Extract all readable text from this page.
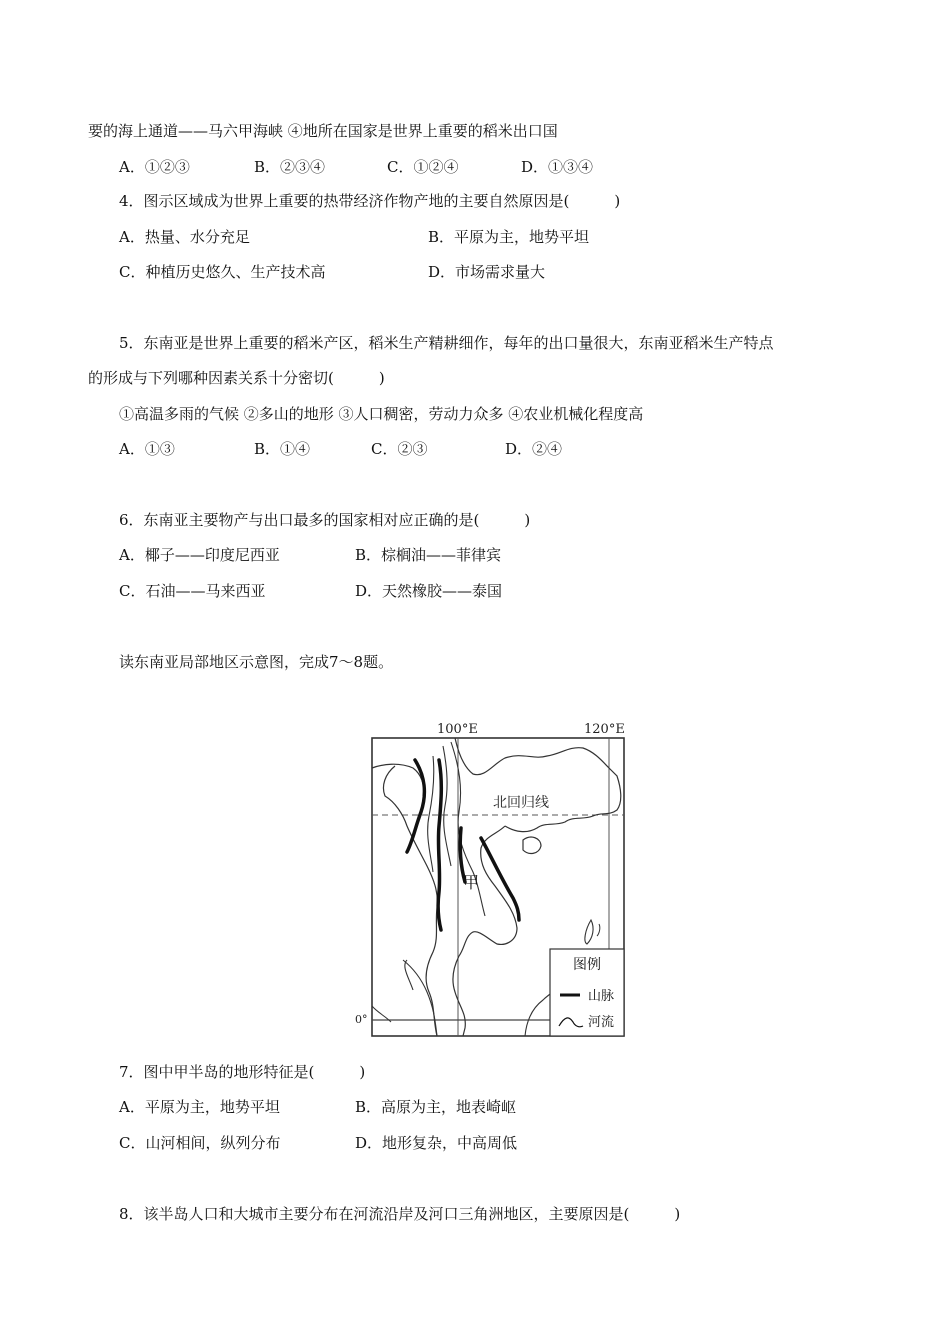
要的海上通道——马六甲海峡 ④地所在国家是世界上重要的稻米出口国
A．①②③	B．②③④	C．①②④	D．①③④
4．图示区域成为世界上重要的热带经济作物产地的主要自然原因是(　　　)
A．热量、水分充足	B．平原为主，地势平坦
C．种植历史悠久、生产技术高	D．市场需求量大
5．东南亚是世界上重要的稻米产区，稻米生产精耕细作，每年的出口量很大，东南亚稻米生产特点
的形成与下列哪种因素关系十分密切(　　　)
①高温多雨的气候 ②多山的地形 ③人口稠密，劳动力众多 ④农业机械化程度高
A．①③	B．①④	C．②③	D．②④
6．东南亚主要物产与出口最多的国家相对应正确的是(　　　)
A．椰子——印度尼西亚	B．棕榈油——菲律宾
C．石油——马来西亚	D．天然橡胶——泰国
读东南亚局部地区示意图，完成7～8题。
100°E	120°E
0°
北回归线
甲
图例
山脉
河流
7．图中甲半岛的地形特征是(　　　)
A．平原为主，地势平坦	B．高原为主，地表崎岖
C．山河相间，纵列分布	D．地形复杂，中高周低
8．该半岛人口和大城市主要分布在河流沿岸及河口三角洲地区，主要原因是(　　　)
